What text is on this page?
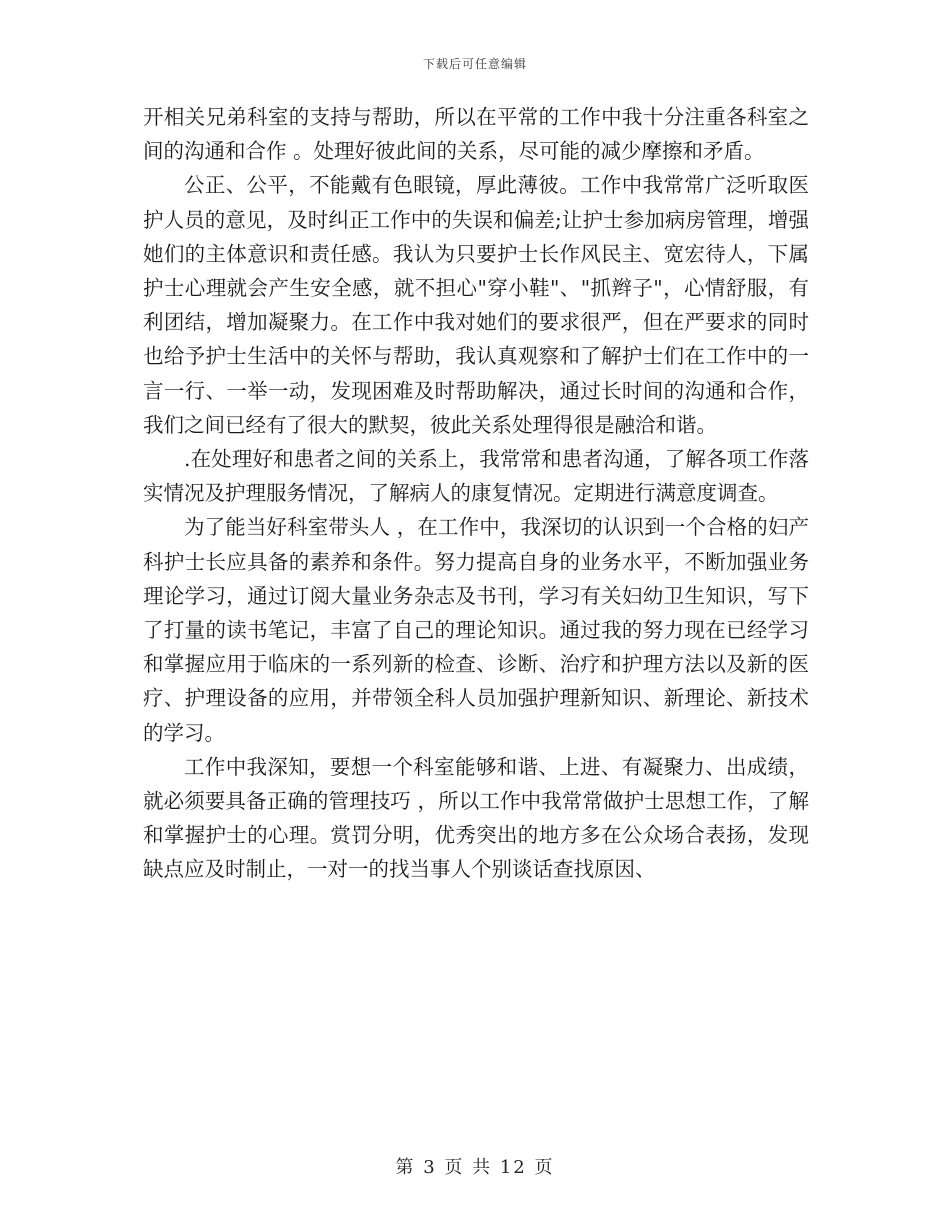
下载后可任意编辑

开相关兄弟科室的支持与帮助，所以在平常的工作中我十分注重各科室之间的沟通和合作 。处理好彼此间的关系，尽可能的减少摩擦和矛盾。

公正、公平，不能戴有色眼镜，厚此薄彼。工作中我常常广泛听取医护人员的意见，及时纠正工作中的失误和偏差;让护士参加病房管理，增强她们的主体意识和责任感。我认为只要护士长作风民主、宽宏待人，下属护士心理就会产生安全感，就不担心"穿小鞋"、"抓辫子"，心情舒服，有利团结，增加凝聚力。在工作中我对她们的要求很严，但在严要求的同时也给予护士生活中的关怀与帮助，我认真观察和了解护士们在工作中的一言一行、一举一动，发现困难及时帮助解决，通过长时间的沟通和合作，我们之间已经有了很大的默契，彼此关系处理得很是融洽和谐。

.在处理好和患者之间的关系上，我常常和患者沟通，了解各项工作落实情况及护理服务情况，了解病人的康复情况。定期进行满意度调查。

为了能当好科室带头人 ，在工作中，我深切的认识到一个合格的妇产科护士长应具备的素养和条件。努力提高自身的业务水平，不断加强业务理论学习，通过订阅大量业务杂志及书刊，学习有关妇幼卫生知识，写下了打量的读书笔记，丰富了自己的理论知识。通过我的努力现在已经学习和掌握应用于临床的一系列新的检查、诊断、治疗和护理方法以及新的医疗、护理设备的应用，并带领全科人员加强护理新知识、新理论、新技术的学习。

工作中我深知，要想一个科室能够和谐、上进、有凝聚力、出成绩，就必须要具备正确的管理技巧 ，所以工作中我常常做护士思想工作，了解和掌握护士的心理。赏罚分明，优秀突出的地方多在公众场合表扬，发现缺点应及时制止，一对一的找当事人个别谈话查找原因、

第 3 页 共 12 页
